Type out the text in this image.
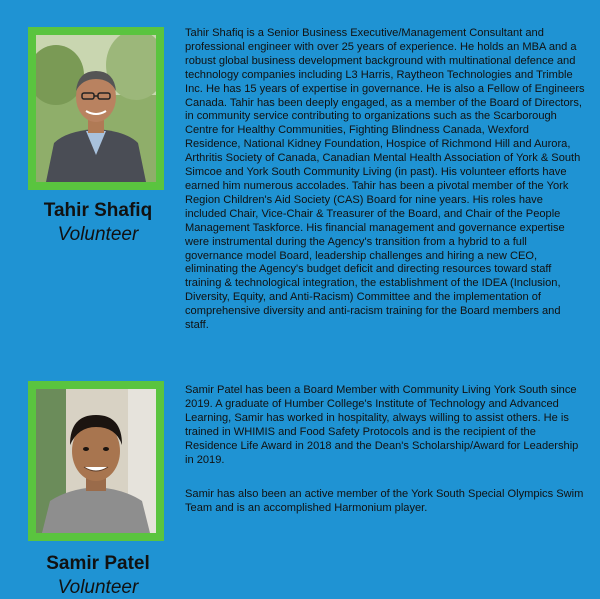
Tahir Shafiq
Volunteer

Tahir Shafiq is a Senior Business Executive/Management Consultant and professional engineer with over 25 years of experience. He holds an MBA and a robust global business development background with multinational defence and technology companies including L3 Harris, Raytheon Technologies and Trimble Inc. He has 15 years of expertise in governance. He is also a Fellow of Engineers Canada. Tahir has been deeply engaged, as a member of the Board of Directors, in community service contributing to organizations such as the Scarborough Centre for Healthy Communities, Fighting Blindness Canada, Wexford Residence, National Kidney Foundation, Hospice of Richmond Hill and Aurora, Arthritis Society of Canada, Canadian Mental Health Association of York & South Simcoe and York South Community Living (in past). His volunteer efforts have earned him numerous accolades. Tahir has been a pivotal member of the York Region Children's Aid Society (CAS) Board for nine years. His roles have included Chair, Vice-Chair & Treasurer of the Board, and Chair of the People Management Taskforce. His financial management and governance expertise were instrumental during the Agency's transition from a hybrid to a full governance model Board, leadership challenges and hiring a new CEO, eliminating the Agency's budget deficit and directing resources toward staff training & technological integration, the establishment of the IDEA (Inclusion, Diversity, Equity, and Anti-Racism) Committee and the implementation of comprehensive diversity and anti-racism training for the Board members and staff.

Samir Patel
Volunteer

Samir Patel has been a Board Member with Community Living York South since 2019. A graduate of Humber College's Institute of Technology and Advanced Learning, Samir has worked in hospitality, always willing to assist others. He is trained in WHIMIS and Food Safety Protocols and is the recipient of the Residence Life Award in 2018 and the Dean's Scholarship/Award for Leadership in 2019.

Samir has also been an active member of the York South Special Olympics Swim Team and is an accomplished Harmonium player.
